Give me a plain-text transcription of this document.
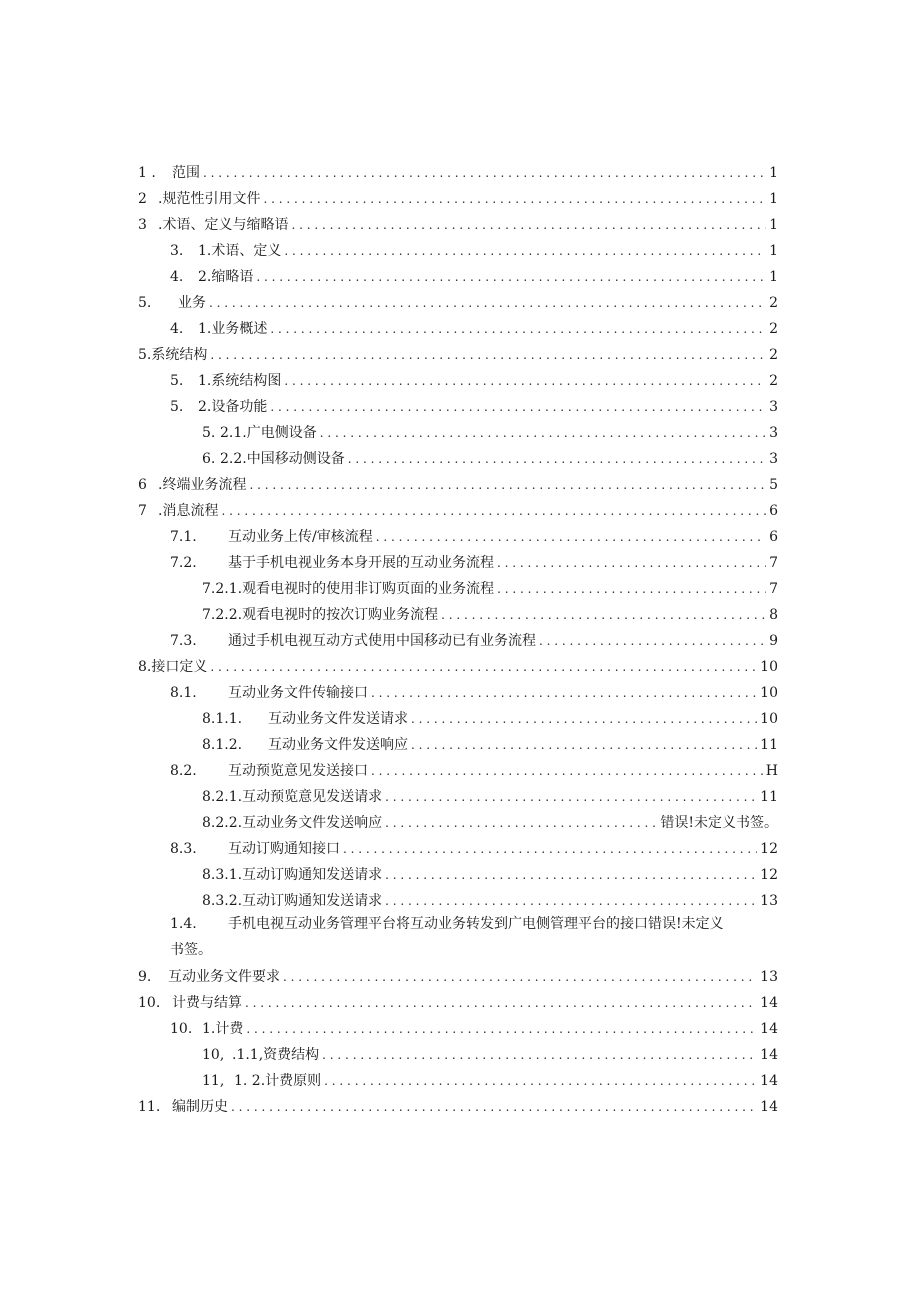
1 .	范围 . . .	1
2 .规范性引用文件 . . .	1
3 .术语、定义与缩略语 . . .	1
3.	1.术语、定义 . . .	1
4.	2.缩略语 . . .	1
5.	业务 . . .	2
4.	1.业务概述 . . .	2
5.系统结构 . . .	2
5.	1.系统结构图 . . .	2
5.	2.设备功能 . . .	3
5. 2.1.广电侧设备 . . .	3
6. 2.2.中国移动侧设备 . . .	3
6 .终端业务流程 . . .	5
7 .消息流程 . . .	6
7.1.	互动业务上传/审核流程 . . .	6
7.2.	基于手机电视业务本身开展的互动业务流程 . . .	7
7.2.1.观看电视时的使用非订购页面的业务流程 . . .	7
7.2.2.观看电视时的按次订购业务流程 . . .	8
7.3.	通过手机电视互动方式使用中国移动已有业务流程 . . .	9
8.接口定义 . . .	10
8.1.	互动业务文件传输接口 . . .	10
8.1.1.	互动业务文件发送请求 . . .	10
8.1.2.	互动业务文件发送响应 . . .	11
8.2.	互动预览意见发送接口 . . .	H
8.2.1.互动预览意见发送请求 . . .	11
8.2.2.互动业务文件发送响应 . . .	错误!未定义书签。
8.3.	互动订购通知接口 . . .	12
8.3.1.互动订购通知发送请求 . . .	12
8.3.2.互动订购通知发送请求 . . .	13
1.4. 手机电视互动业务管理平台将互动业务转发到广电侧管理平台的接口错误!未定义
书签。
9.	互动业务文件要求 . . .	13
10. 计费与结算 . . .	14
10. 1.计费 . . .	14
10, .1.1,资费结构 . . .	14
11, 1. 2.计费原则 . . .	14
11. 编制历史 . . .	14
